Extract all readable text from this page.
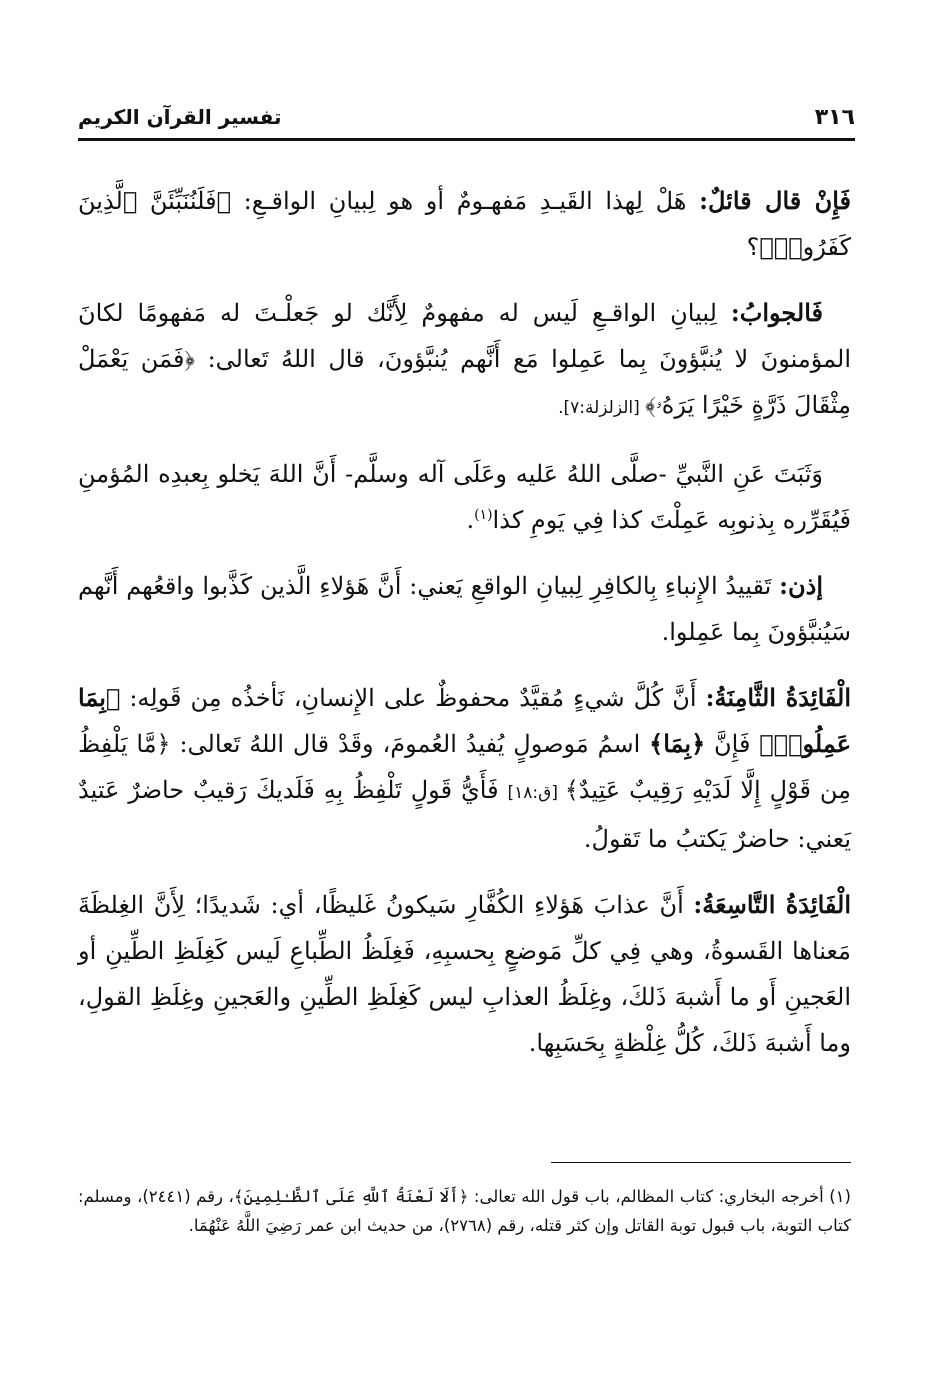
٣١٦
تفسير القرآن الكريم

فَإِنْ قال قائلٌ: هَلْ لِهذا القَيـدِ مَفهـومٌ أو هو لِبيانِ الواقـعِ: ﴿فَلَنُنَبِّئَنَّ ٱلَّذِينَ كَفَرُوا۟﴾؟

فَالجوابُ: لِبيانِ الواقـعِ لَيس له مفهومٌ لِأَنَّك لو جَعلْـتَ له مَفهومًا لكانَ المؤمنونَ لا يُنبَّؤونَ بِما عَمِلوا مَع أَنَّهم يُنبَّؤونَ، قال اللهُ تَعالى: ﴿فَمَن يَعْمَلْ مِثْقَالَ ذَرَّةٍ خَيْرًا يَرَهُۥ﴾ [الزلزلة:٧].

وَثَبَتَ عَنِ النَّبيِّ -صلَّى اللهُ عَليه وعَلَى آله وسلَّم- أَنَّ اللهَ يَخلو بِعبدِه المُؤمنِ فَيُقَرِّره بِذنوبِه عَمِلْتَ كذا فِي يَومِ كذا$^{(١)}$.

إذن: تَقييدُ الإِنباءِ بِالكافِرِ لِبيانِ الواقعِ يَعني: أَنَّ هَؤلاءِ الَّذين كَذَّبوا واقعُهم أَنَّهم سَيُنبَّؤونَ بِما عَمِلوا.

الْفَائِدَةُ الثَّامِنَةُ: أَنَّ كُلَّ شيءٍ مُقيَّدٌ محفوظٌ على الإِنسانِ، نَأخذُه مِن قَولِه: ﴿بِمَا عَمِلُوا۟﴾ فَإِنَّ ﴿بِمَا﴾ اسمُ مَوصولٍ يُفيدُ العُمومَ، وقَدْ قال اللهُ تَعالى: ﴿مَّا يَلْفِظُ مِن قَوْلٍ إِلَّا لَدَيْهِ رَقِيبٌ عَتِيدٌ﴾ [ق:١٨] فَأَيُّ قَولٍ تَلْفِظُ بِهِ فَلَديكَ رَقيبٌ حاضرٌ عَتيدٌ يَعني: حاضرٌ يَكتبُ ما تَقولُ.

الْفَائِدَةُ التَّاسِعَةُ: أَنَّ عذابَ هَؤلاءِ الكُفَّارِ سَيكونُ غَليظًا، أي: شَديدًا؛ لِأَنَّ الغِلظَةَ مَعناها القَسوةُ، وهي فِي كلِّ مَوضعٍ بِحسبِهِ، فَغِلَظُ الطِّباعِ لَيس كَغِلَظِ الطِّينِ أو العَجينِ أَو ما أَشبهَ ذَلكَ، وغِلَظُ العذابِ ليس كَغِلَظِ الطِّينِ والعَجينِ وغِلَظِ القولِ، وما أَشبهَ ذَلكَ، كُلُّ غِلْظةٍ بِحَسَبِها.

(١) أخرجه البخاري: كتاب المظالم، باب قول الله تعالى: ﴿أَلَا لَعْنَةُ ٱللَّهِ عَلَى ٱلظَّـٰلِمِينَ﴾، رقم (٢٤٤١)، ومسلم: كتاب التوبة، باب قبول توبة القاتل وإن كثر قتله، رقم (٢٧٦٨)، من حديث ابن عمر رَضِيَ اللَّهُ عَنْهُمَا.
